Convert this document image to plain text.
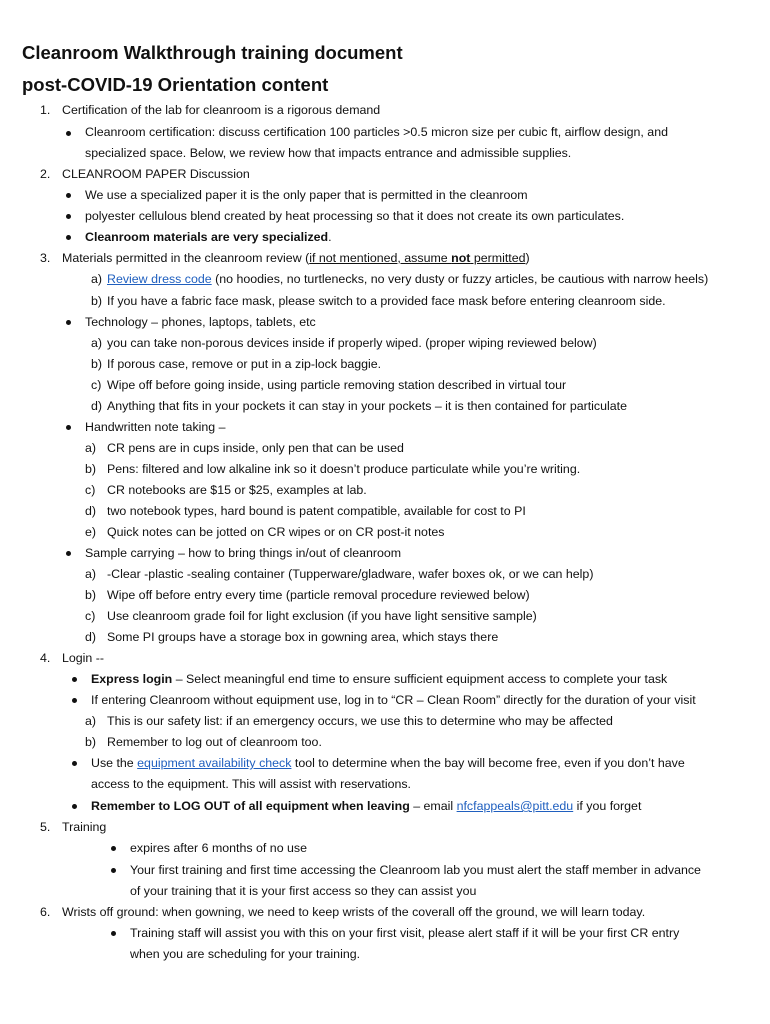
Cleanroom Walkthrough training document
post-COVID-19 Orientation content
1. Certification of the lab for cleanroom is a rigorous demand
Cleanroom certification: discuss certification 100 particles >0.5 micron size per cubic ft, airflow design, and
specialized space. Below, we review how that impacts entrance and admissible supplies.
2. CLEANROOM PAPER Discussion
We use a specialized paper it is the only paper that is permitted in the cleanroom
polyester cellulous blend created by heat processing so that it does not create its own particulates.
Cleanroom materials are very specialized.
3. Materials permitted in the cleanroom review (if not mentioned, assume not permitted)
a) Review dress code (no hoodies, no turtlenecks, no very dusty or fuzzy articles, be cautious with narrow heels)
b) If you have a fabric face mask, please switch to a provided face mask before entering cleanroom side.
Technology – phones, laptops, tablets, etc
a) you can take non-porous devices inside if properly wiped. (proper wiping reviewed below)
b) If porous case, remove or put in a zip-lock baggie.
c) Wipe off before going inside, using particle removing station described in virtual tour
d) Anything that fits in your pockets it can stay in your pockets – it is then contained for particulate
Handwritten note taking –
a) CR pens are in cups inside, only pen that can be used
b) Pens: filtered and low alkaline ink so it doesn’t produce particulate while you’re writing.
c) CR notebooks are $15 or $25, examples at lab.
d) two notebook types, hard bound is patent compatible, available for cost to PI
e) Quick notes can be jotted on CR wipes or on CR post-it notes
Sample carrying – how to bring things in/out of cleanroom
a) -Clear -plastic -sealing container (Tupperware/gladware, wafer boxes ok, or we can help)
b) Wipe off before entry every time (particle removal procedure reviewed below)
c) Use cleanroom grade foil for light exclusion (if you have light sensitive sample)
d) Some PI groups have a storage box in gowning area, which stays there
4. Login --
Express login – Select meaningful end time to ensure sufficient equipment access to complete your task
If entering Cleanroom without equipment use, log in to “CR – Clean Room” directly for the duration of your visit
a) This is our safety list: if an emergency occurs, we use this to determine who may be affected
b) Remember to log out of cleanroom too.
Use the equipment availability check tool to determine when the bay will become free, even if you don’t have
access to the equipment. This will assist with reservations.
Remember to LOG OUT of all equipment when leaving – email nfcfappeals@pitt.edu if you forget
5. Training
expires after 6 months of no use
Your first training and first time accessing the Cleanroom lab you must alert the staff member in advance
of your training that it is your first access so they can assist you
6. Wrists off ground: when gowning, we need to keep wrists of the coverall off the ground, we will learn today.
Training staff will assist you with this on your first visit, please alert staff if it will be your first CR entry
when you are scheduling for your training.
